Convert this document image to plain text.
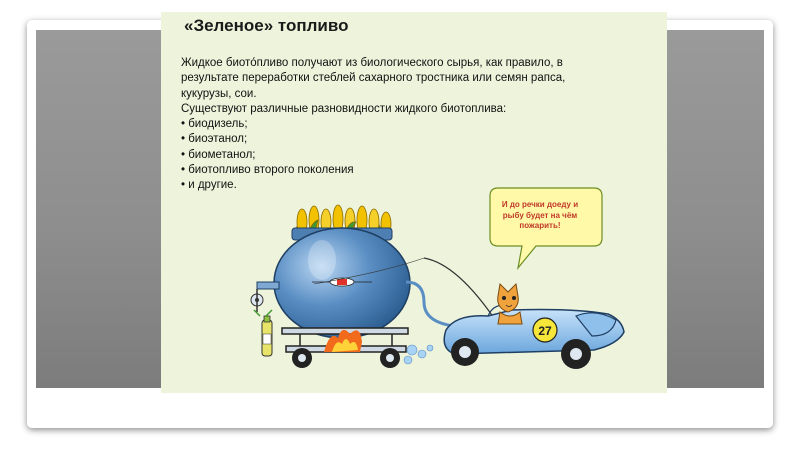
«Зеленое» топливо
Жидкое биото́пливо получают из биологического сырья, как правило, в
результате переработки стеблей сахарного тростника или семян рапса,
кукурузы, сои.
Существуют различные разновидности жидкого биотоплива:
• биодизель;
• биоэтанол;
• биометанол;
• биотопливо второго поколения
• и другие.
27
И до речки доеду и
рыбу будет на чём
пожарить!
